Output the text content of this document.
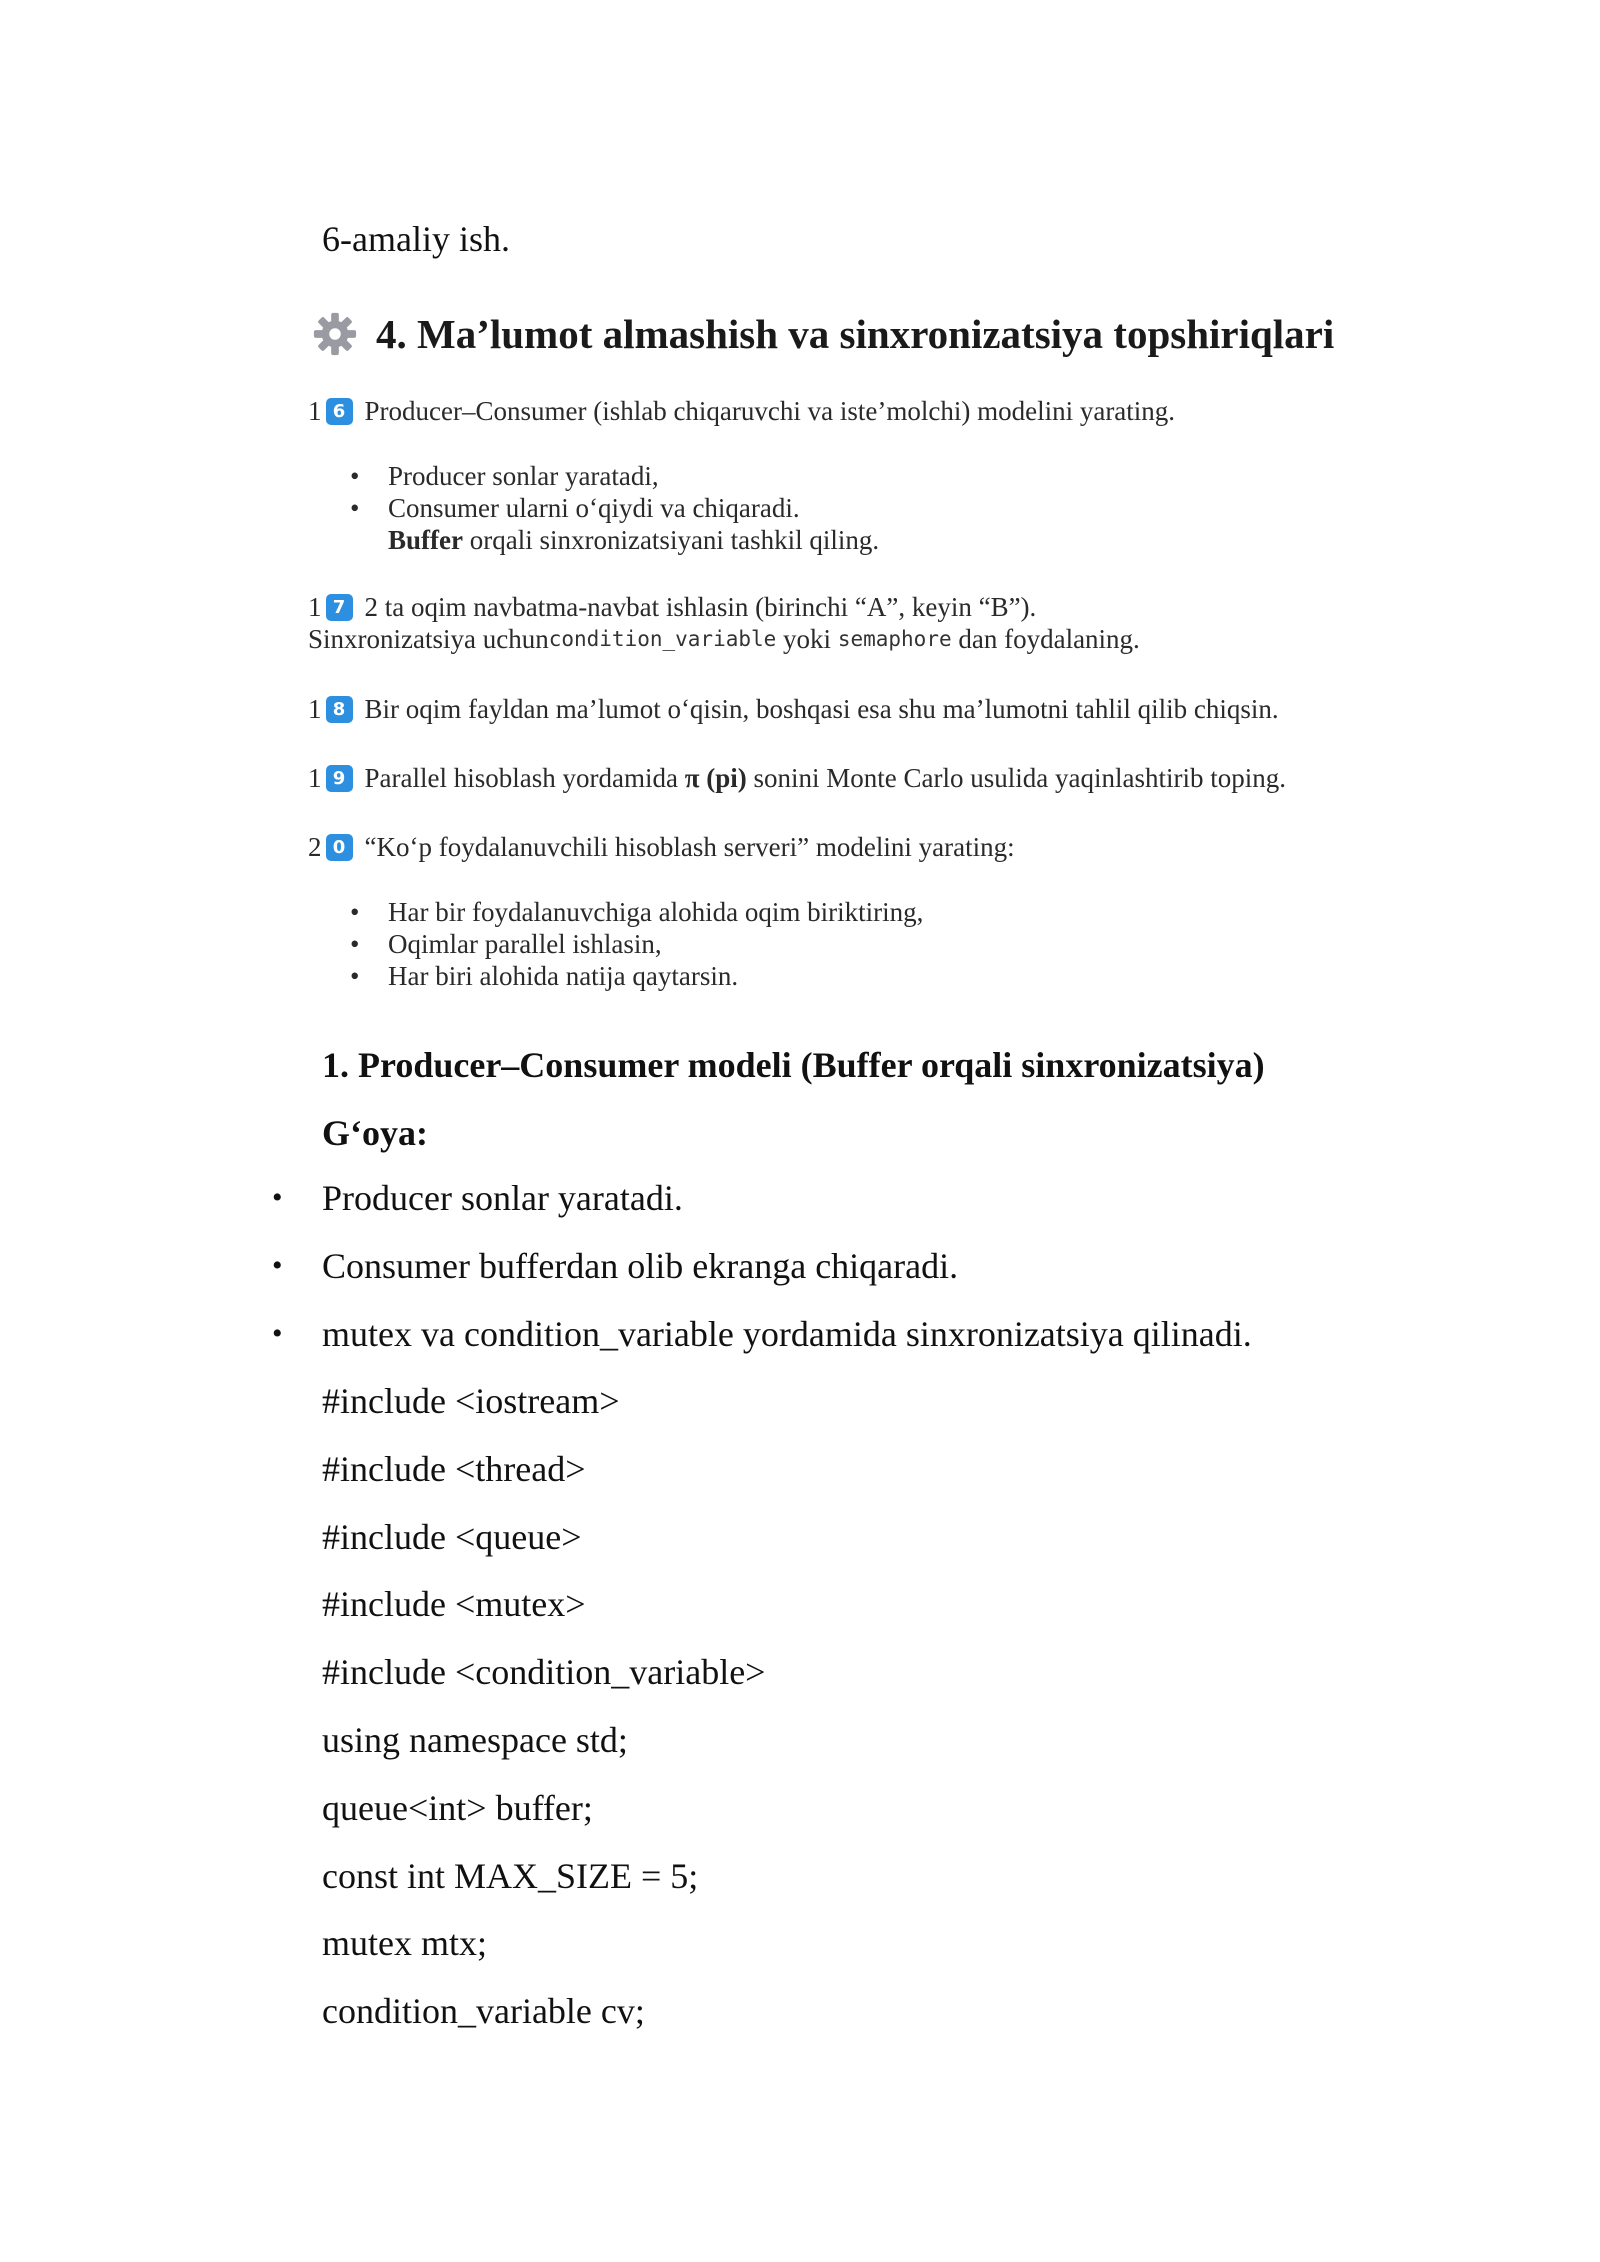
6-amaliy ish.
4. Ma’lumot almashish va sinxronizatsiya topshiriqlari
1 6 Producer–Consumer (ishlab chiqaruvchi va iste’molchi) modelini yarating.
• Producer sonlar yaratadi,
• Consumer ularni o‘qiydi va chiqaradi.
Buffer orqali sinxronizatsiyani tashkil qiling.
1 7 2 ta oqim navbatma-navbat ishlasin (birinchi “A”, keyin “B”).
Sinxronizatsiya uchun condition_variable yoki semaphore dan foydalaning.
1 8 Bir oqim fayldan ma’lumot o‘qisin, boshqasi esa shu ma’lumotni tahlil qilib chiqsin.
1 9 Parallel hisoblash yordamida π (pi) sonini Monte Carlo usulida yaqinlashtirib toping.
2 0 “Ko‘p foydalanuvchili hisoblash serveri” modelini yarating:
• Har bir foydalanuvchiga alohida oqim biriktiring,
• Oqimlar parallel ishlasin,
• Har biri alohida natija qaytarsin.
1. Producer–Consumer modeli (Buffer orqali sinxronizatsiya)
G‘oya:
• Producer sonlar yaratadi.
• Consumer bufferdan olib ekranga chiqaradi.
• mutex va condition_variable yordamida sinxronizatsiya qilinadi.
#include <iostream>
#include <thread>
#include <queue>
#include <mutex>
#include <condition_variable>
using namespace std;
queue<int> buffer;
const int MAX_SIZE = 5;
mutex mtx;
condition_variable cv;
